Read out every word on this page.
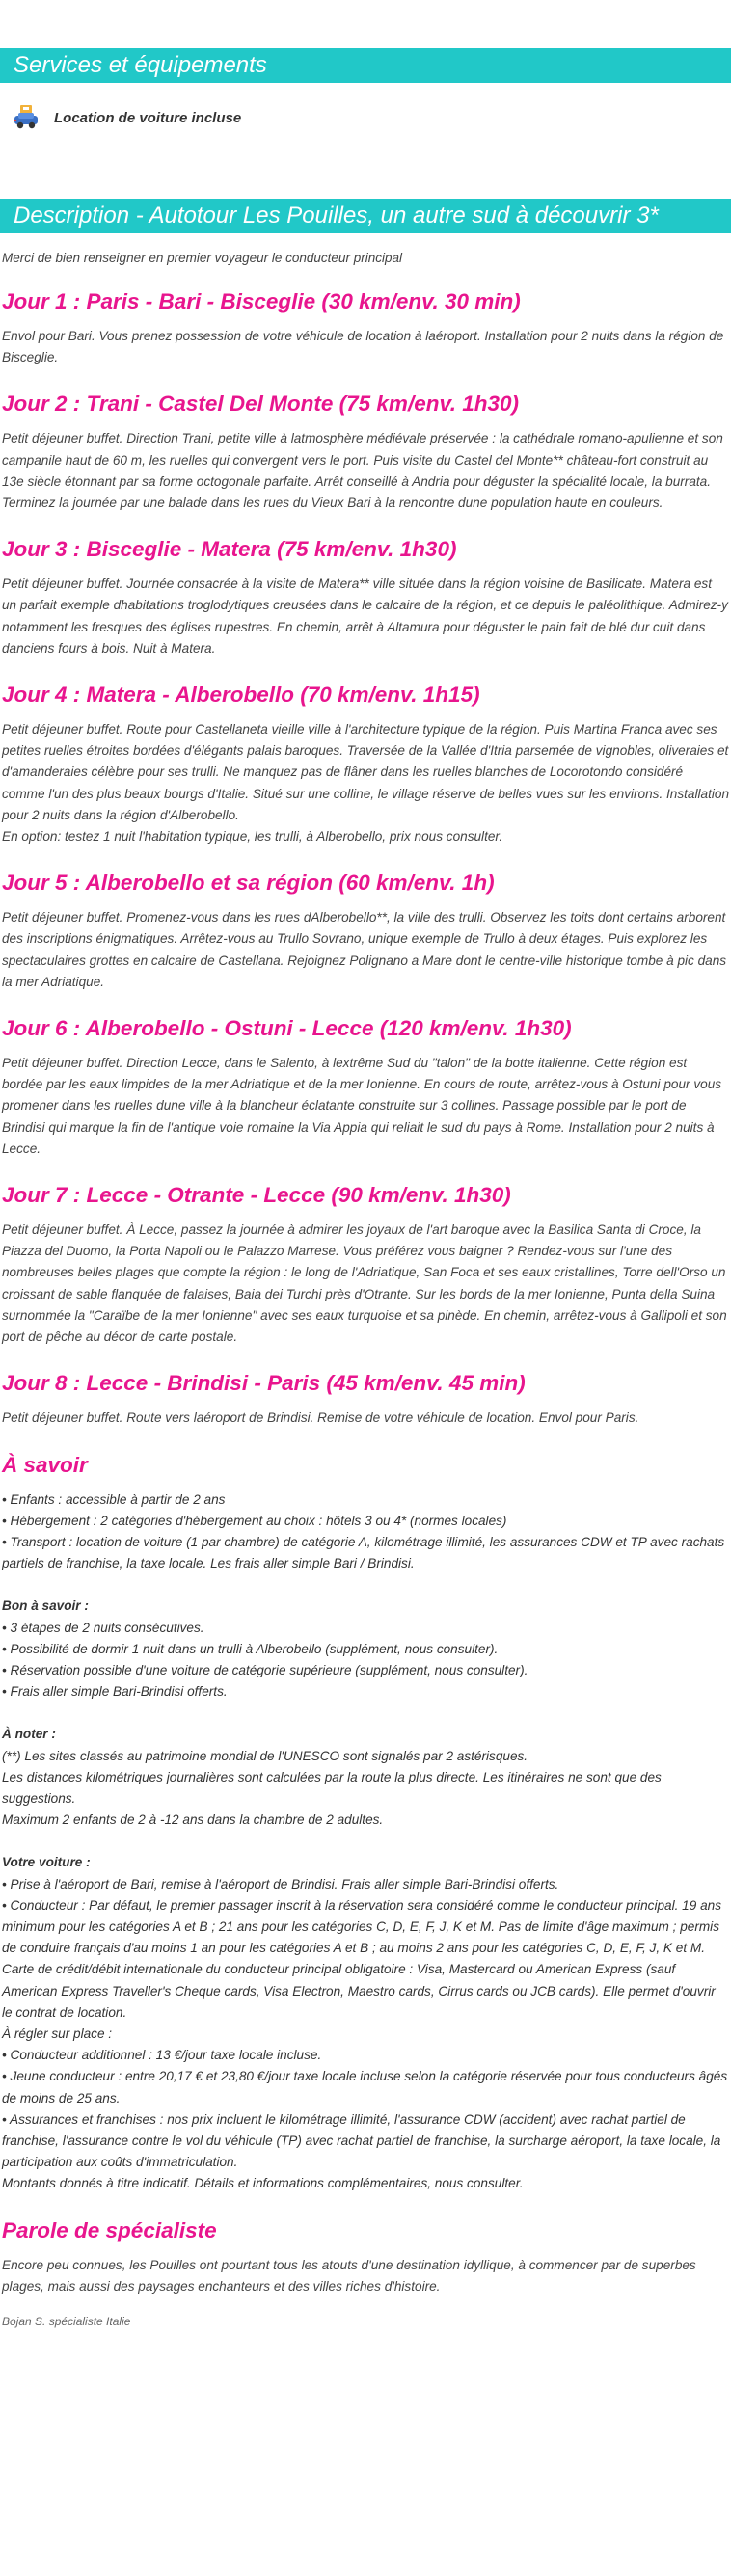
Services et équipements
Location de voiture incluse
Description - Autotour Les Pouilles, un autre sud à découvrir 3*

Merci de bien renseigner en premier voyageur le conducteur principal

Jour 1 : Paris - Bari - Bisceglie (30 km/env. 30 min)

Envol pour Bari. Vous prenez possession de votre véhicule de location à laéroport. Installation pour 2 nuits dans la région de Bisceglie.

Jour 2 : Trani - Castel Del Monte (75 km/env. 1h30)

Petit déjeuner buffet. Direction Trani, petite ville à latmosphère médiévale préservée : la cathédrale romano-apulienne et son campanile haut de 60 m, les ruelles qui convergent vers le port. Puis visite du Castel del Monte** château-fort construit au 13e siècle étonnant par sa forme octogonale parfaite. Arrêt conseillé à Andria pour déguster la spécialité locale, la burrata. Terminez la journée par une balade dans les rues du Vieux Bari à la rencontre dune population haute en couleurs.

Jour 3 : Bisceglie - Matera (75 km/env. 1h30)

Petit déjeuner buffet. Journée consacrée à la visite de Matera** ville située dans la région voisine de Basilicate. Matera est un parfait exemple dhabitations troglodytiques creusées dans le calcaire de la région, et ce depuis le paléolithique. Admirez-y notamment les fresques des églises rupestres. En chemin, arrêt à Altamura pour déguster le pain fait de blé dur cuit dans danciens fours à bois. Nuit à Matera.

Jour 4 : Matera - Alberobello (70 km/env. 1h15)

Petit déjeuner buffet. Route pour Castellaneta vieille ville à l'architecture typique de la région. Puis Martina Franca avec ses petites ruelles étroites bordées d'élégants palais baroques. Traversée de la Vallée d'Itria parsemée de vignobles, oliveraies et d'amanderaies célèbre pour ses trulli. Ne manquez pas de flâner dans les ruelles blanches de Locorotondo considéré comme l'un des plus beaux bourgs d'Italie. Situé sur une colline, le village réserve de belles vues sur les environs. Installation pour 2 nuits dans la région d'Alberobello.
En option: testez 1 nuit l'habitation typique, les trulli, à Alberobello, prix nous consulter.

Jour 5 : Alberobello et sa région (60 km/env. 1h)

Petit déjeuner buffet. Promenez-vous dans les rues dAlberobello**, la ville des trulli. Observez les toits dont certains arborent des inscriptions énigmatiques. Arrêtez-vous au Trullo Sovrano, unique exemple de Trullo à deux étages. Puis explorez les spectaculaires grottes en calcaire de Castellana. Rejoignez Polignano a Mare dont le centre-ville historique tombe à pic dans la mer Adriatique.

Jour 6 : Alberobello - Ostuni - Lecce (120 km/env. 1h30)

Petit déjeuner buffet. Direction Lecce, dans le Salento, à lextrême Sud du "talon" de la botte italienne. Cette région est bordée par les eaux limpides de la mer Adriatique et de la mer Ionienne. En cours de route, arrêtez-vous à Ostuni pour vous promener dans les ruelles dune ville à la blancheur éclatante construite sur 3 collines. Passage possible par le port de Brindisi qui marque la fin de l'antique voie romaine la Via Appia qui reliait le sud du pays à Rome. Installation pour 2 nuits à Lecce.

Jour 7 : Lecce - Otrante - Lecce (90 km/env. 1h30)

Petit déjeuner buffet. À Lecce, passez la journée à admirer les joyaux de l'art baroque avec la Basilica Santa di Croce, la Piazza del Duomo, la Porta Napoli ou le Palazzo Marrese. Vous préférez vous baigner ? Rendez-vous sur l'une des nombreuses belles plages que compte la région : le long de l'Adriatique, San Foca et ses eaux cristallines, Torre dell'Orso un croissant de sable flanquée de falaises, Baia dei Turchi près d'Otrante. Sur les bords de la mer Ionienne, Punta della Suina surnommée la "Caraïbe de la mer Ionienne" avec ses eaux turquoise et sa pinède. En chemin, arrêtez-vous à Gallipoli et son port de pêche au décor de carte postale.

Jour 8 : Lecce - Brindisi - Paris (45 km/env. 45 min)

Petit déjeuner buffet. Route vers laéroport de Brindisi. Remise de votre véhicule de location. Envol pour Paris.

À savoir
• Enfants : accessible à partir de 2 ans
• Hébergement : 2 catégories d'hébergement au choix : hôtels 3 ou 4* (normes locales)
• Transport : location de voiture (1 par chambre) de catégorie A, kilométrage illimité, les assurances CDW et TP avec rachats partiels de franchise, la taxe locale. Les frais aller simple Bari / Brindisi.
Bon à savoir :
• 3 étapes de 2 nuits consécutives.
• Possibilité de dormir 1 nuit dans un trulli à Alberobello (supplément, nous consulter).
• Réservation possible d'une voiture de catégorie supérieure (supplément, nous consulter).
• Frais aller simple Bari-Brindisi offerts.
À noter :
(**) Les sites classés au patrimoine mondial de l'UNESCO sont signalés par 2 astérisques.
Les distances kilométriques journalières sont calculées par la route la plus directe. Les itinéraires ne sont que des suggestions.
Maximum 2 enfants de 2 à -12 ans dans la chambre de 2 adultes.
Votre voiture :
• Prise à l'aéroport de Bari, remise à l'aéroport de Brindisi. Frais aller simple Bari-Brindisi offerts.
• Conducteur : Par défaut, le premier passager inscrit à la réservation sera considéré comme le conducteur principal. 19 ans minimum pour les catégories A et B ; 21 ans pour les catégories C, D, E, F, J, K et M. Pas de limite d'âge maximum ; permis de conduire français d'au moins 1 an pour les catégories A et B ; au moins 2 ans pour les catégories C, D, E, F, J, K et M. Carte de crédit/débit internationale du conducteur principal obligatoire : Visa, Mastercard ou American Express (sauf American Express Traveller's Cheque cards, Visa Electron, Maestro cards, Cirrus cards ou JCB cards). Elle permet d'ouvrir le contrat de location.
À régler sur place :
• Conducteur additionnel : 13 €/jour taxe locale incluse.
• Jeune conducteur : entre 20,17 € et 23,80 €/jour taxe locale incluse selon la catégorie réservée pour tous conducteurs âgés de moins de 25 ans.
• Assurances et franchises : nos prix incluent le kilométrage illimité, l'assurance CDW (accident) avec rachat partiel de franchise, l'assurance contre le vol du véhicule (TP) avec rachat partiel de franchise, la surcharge aéroport, la taxe locale, la participation aux coûts d'immatriculation.
Montants donnés à titre indicatif. Détails et informations complémentaires, nous consulter.
Parole de spécialiste

Encore peu connues, les Pouilles ont pourtant tous les atouts d'une destination idyllique, à commencer par de superbes plages, mais aussi des paysages enchanteurs et des villes riches d'histoire.

Bojan S. spécialiste Italie
